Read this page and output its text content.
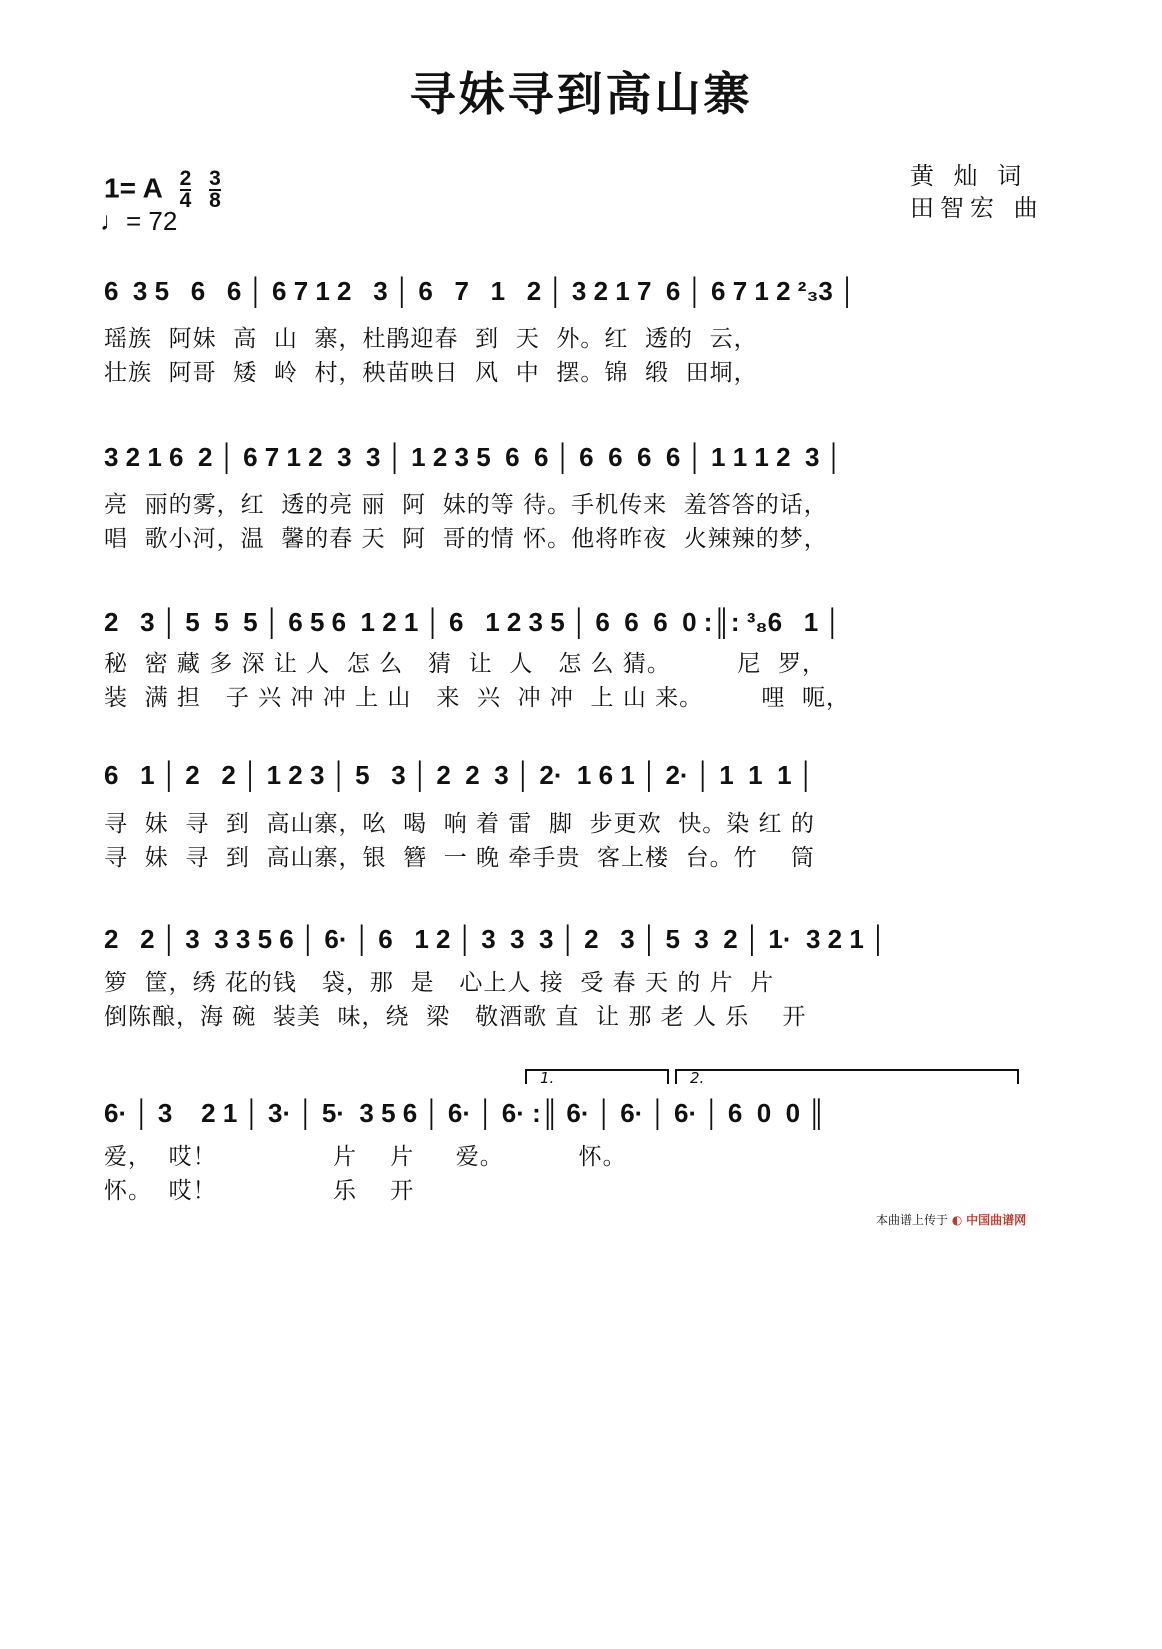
寻妹寻到高山寨
1= A $\frac{2}{4} \frac{3}{8}$
♩= 72
黄 灿 词
田智宏 曲
6  3 5   6   6 │ 6 7 1 2   3 │ 6   7   1   2 │ 3 2 1 7  6 │ 6 7 1 2 ²₃3 │
瑶族  阿妹  高  山  寨，杜鹃迎春  到  天  外。红  透的  云，
壮族  阿哥  矮  岭  村，秧苗映日  风  中  摆。锦  缎  田垌，
3 2 1 6  2 │ 6 7 1 2  3  3 │ 1 2 3 5  6  6 │ 6  6  6  6 │ 1 1 1 2  3 │
亮  丽的雾，红  透的亮 丽  阿  妹的等 待。手机传来  羞答答的话，
唱  歌小河，温  馨的春 天  阿  哥的情 怀。他将昨夜  火辣辣的梦，
2   3 │ 5  5  5 │ 6 5 6  1 2 1 │ 6   1 2 3 5 │ 6  6  6  0 :║: ³₈6   1 │
秘  密 藏 多 深 让 人  怎 么   猜  让  人   怎 么 猜。        尼  罗，
装  满 担   子 兴 冲 冲 上 山   来  兴  冲 冲  上 山 来。       哩  呃，
6   1 │ 2   2 │ 1 2 3 │ 5   3 │ 2  2  3 │ 2·  1 6 1 │ 2· │ 1  1  1 │
寻  妹  寻  到  高山寨，吆  喝  响 着 雷  脚  步更欢  快。染 红 的
寻  妹  寻  到  高山寨，银  簪  一 晚 牵手贵  客上楼  台。竹    筒
2   2 │ 3  3 3 5 6 │ 6· │ 6   1 2 │ 3  3  3 │ 2   3 │ 5  3  2 │ 1·  3 2 1 │
箩  筐，绣 花的钱   袋，那  是   心上人 接  受 春 天 的 片  片
倒陈酿，海 碗  装美  味，绕  梁   敬酒歌 直  让 那 老 人 乐    开
1.	2.
6· │ 3    2 1 │ 3· │ 5·  3 5 6 │ 6· │ 6· :║ 6· │ 6· │ 6· │ 6  0  0 ║
爱，  哎！              片    片     爱。         怀。
怀。  哎！              乐    开
本曲谱上传于 ◐ 中国曲谱网
